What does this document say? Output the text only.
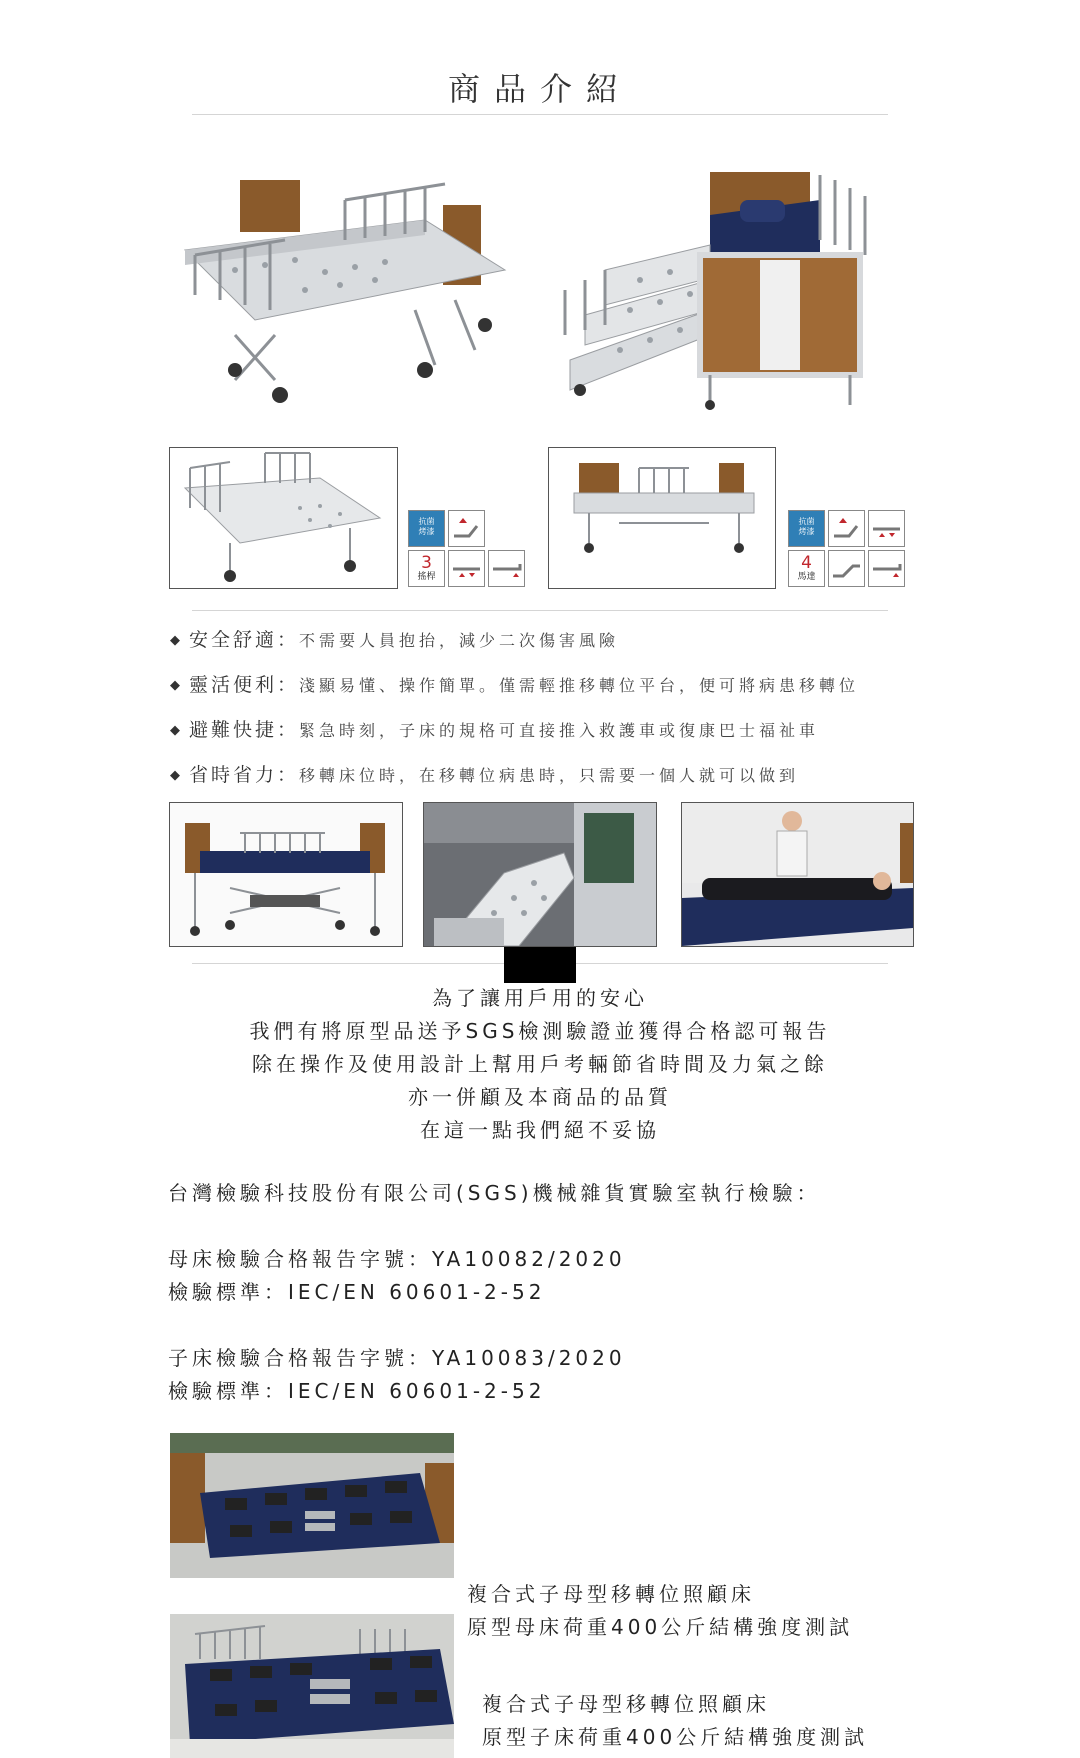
商品介紹
抗菌
烤漆
3
搖桿
抗菌
烤漆
4
馬達
◆ 安全舒適：不需要人員抱抬，減少二次傷害風險
◆ 靈活便利：淺顯易懂、操作簡單。僅需輕推移轉位平台，便可將病患移轉位
◆ 避難快捷：緊急時刻，子床的規格可直接推入救護車或復康巴士福祉車
◆ 省時省力：移轉床位時，在移轉位病患時，只需要一個人就可以做到
為了讓用戶用的安心
我們有將原型品送予SGS檢測驗證並獲得合格認可報告
除在操作及使用設計上幫用戶考輛節省時間及力氣之餘
亦一併顧及本商品的品質
在這一點我們絕不妥協
台灣檢驗科技股份有限公司(SGS)機械雜貨實驗室執行檢驗：
母床檢驗合格報告字號：YA10082/2020
檢驗標準：IEC/EN 60601-2-52
子床檢驗合格報告字號：YA10083/2020
檢驗標準：IEC/EN 60601-2-52
複合式子母型移轉位照顧床
原型母床荷重400公斤結構強度測試
複合式子母型移轉位照顧床
原型子床荷重400公斤結構強度測試
